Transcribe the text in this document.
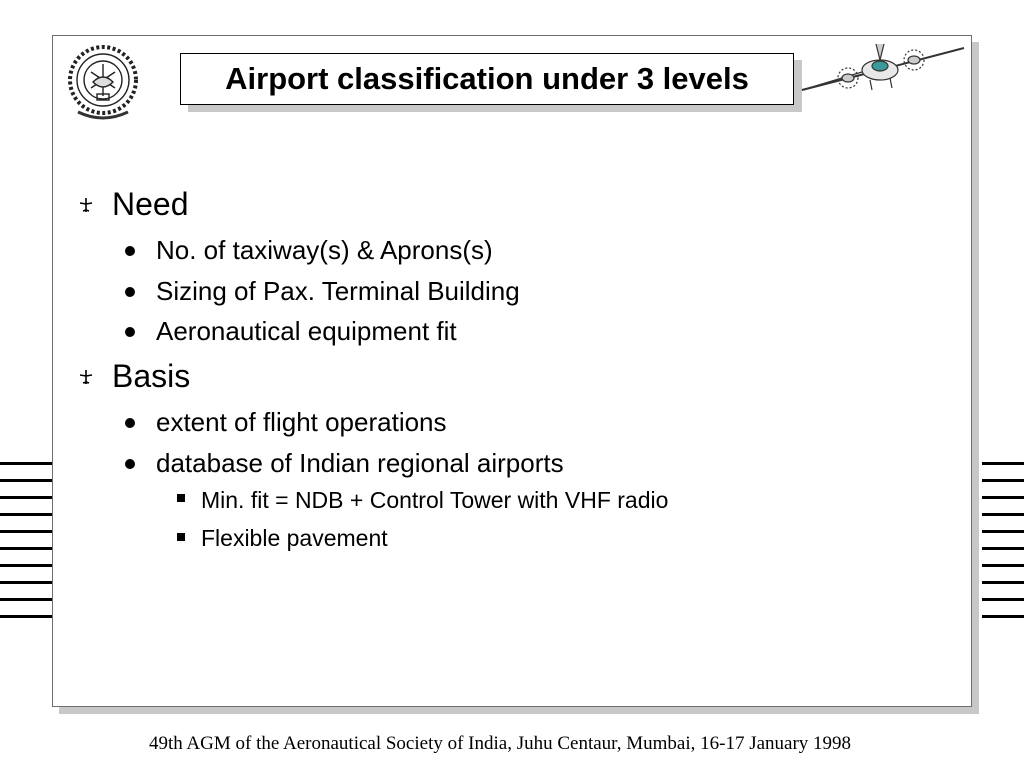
Airport classification under 3 levels
Need
No. of taxiway(s) & Aprons(s)
Sizing of Pax. Terminal Building
Aeronautical equipment fit
Basis
extent of flight operations
database of Indian regional airports
Min. fit = NDB + Control Tower with VHF radio
Flexible pavement
49th AGM of the Aeronautical Society of India, Juhu Centaur, Mumbai, 16-17 January 1998
